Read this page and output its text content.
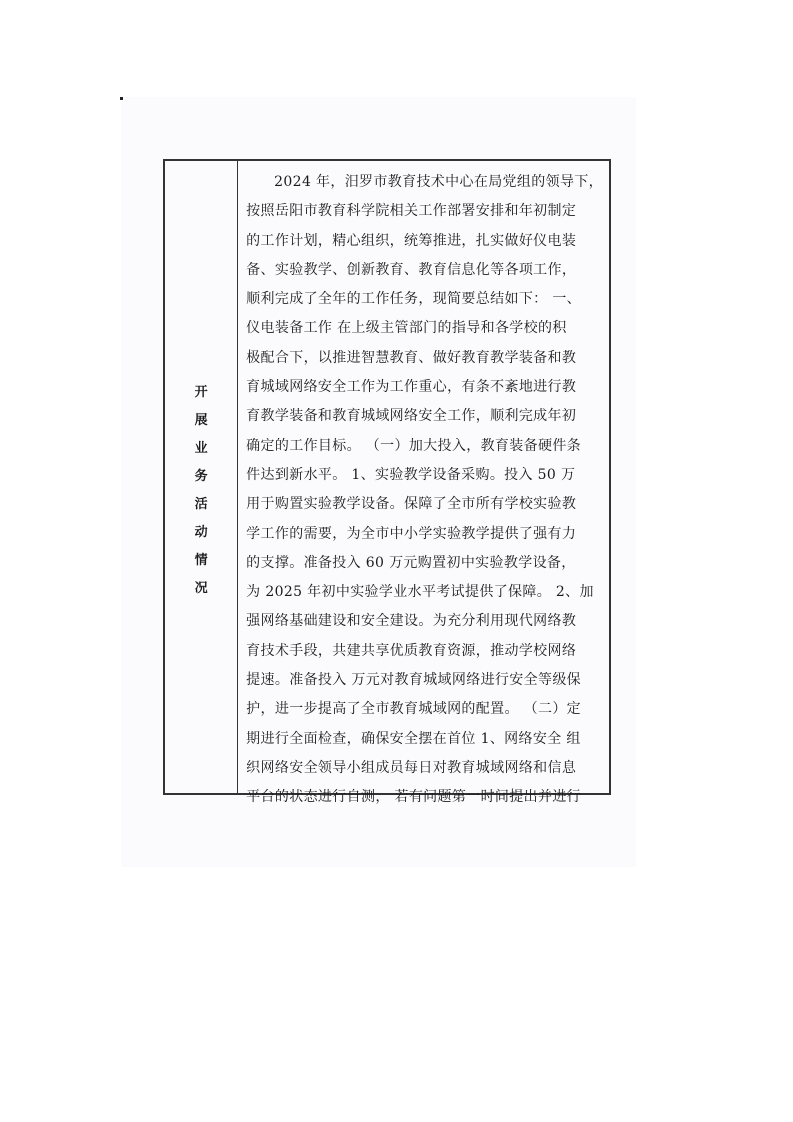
开
展
业
务
活
动
情
况
2024 年，汨罗市教育技术中心在局党组的领导下，
按照岳阳市教育科学院相关工作部署安排和年初制定
的工作计划，精心组织，统筹推进，扎实做好仪电装
备、实验教学、创新教育、教育信息化等各项工作，
顺利完成了全年的工作任务，现简要总结如下： 一、
仪电装备工作 在上级主管部门的指导和各学校的积
极配合下，以推进智慧教育、做好教育教学装备和教
育城域网络安全工作为工作重心，有条不紊地进行教
育教学装备和教育城域网络安全工作，顺利完成年初
确定的工作目标。 （一）加大投入，教育装备硬件条
件达到新水平。 1、实验教学设备采购。投入 50 万
用于购置实验教学设备。保障了全市所有学校实验教
学工作的需要，为全市中小学实验教学提供了强有力
的支撑。准备投入 60 万元购置初中实验教学设备，
为 2025 年初中实验学业水平考试提供了保障。 2、加
强网络基础建设和安全建设。为充分利用现代网络教
育技术手段，共建共享优质教育资源，推动学校网络
提速。准备投入 万元对教育城域网络进行安全等级保
护，进一步提高了全市教育城域网的配置。 （二）定
期进行全面检查，确保安全摆在首位 1、网络安全 组
织网络安全领导小组成员每日对教育城域网络和信息
平台的状态进行自测， 若有问题第一时间提出并进行
